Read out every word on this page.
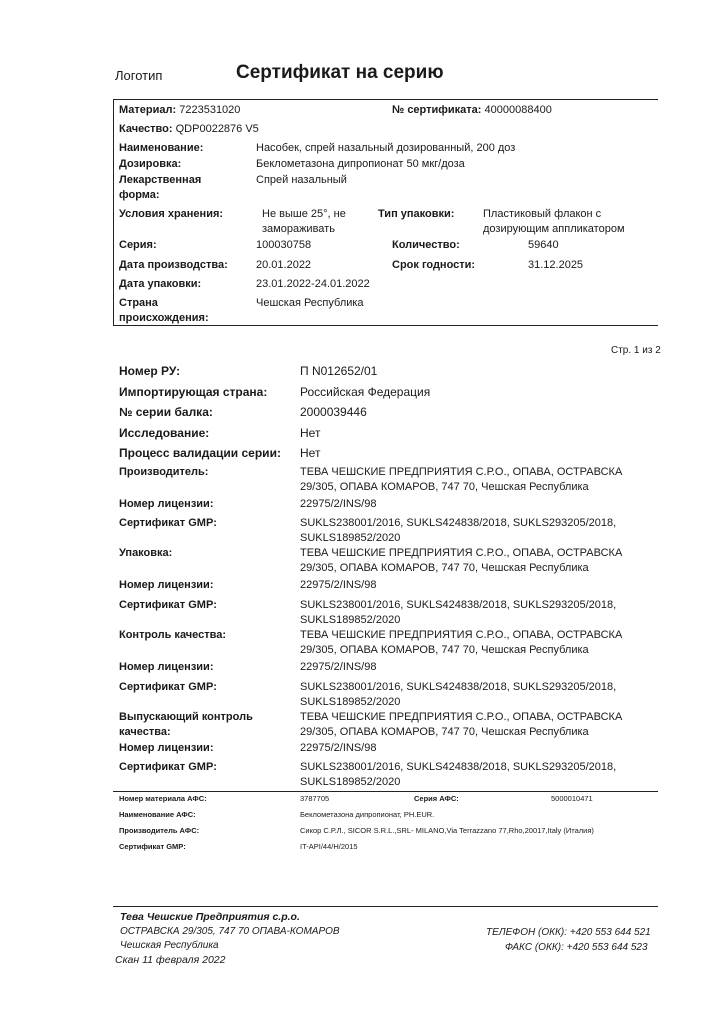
Логотип	Сертификат на серию
Материал: 7223531020	№ сертификата: 40000088400
Качество: QDP0022876 V5
Наименование:	Насобек, спрей назальный дозированный, 200 доз
Дозировка:	Беклометазона дипропионат 50 мкг/доза
Лекарственная
форма:
Спрей назальный
Условия хранения:	Не выше 25°, не
замораживать
Тип упаковки:	Пластиковый флакон с
дозирующим аппликатором
Серия:	100030758	Количество:	59640
Дата производства:	20.01.2022	Срок годности:	31.12.2025
Дата упаковки:	23.01.2022-24.01.2022
Страна
происхождения:
Чешская Республика
Стр. 1 из 2
Номер РУ:	П N012652/01
Импортирующая страна:	Российская Федерация
№ серии балка:	2000039446
Исследование:	Нет
Процесс валидации серии: Нет
Производитель:	ТЕВА ЧЕШСКИЕ ПРЕДПРИЯТИЯ С.Р.О., ОПАВА, ОСТРАВСКА
29/305, ОПАВА КОМАРОВ, 747 70, Чешская Республика
Номер лицензии:	22975/2/INS/98
Сертификат GMP:	SUKLS238001/2016, SUKLS424838/2018, SUKLS293205/2018,
SUKLS189852/2020
Упаковка:	ТЕВА ЧЕШСКИЕ ПРЕДПРИЯТИЯ С.Р.О., ОПАВА, ОСТРАВСКА
29/305, ОПАВА КОМАРОВ, 747 70, Чешская Республика
Номер лицензии:	22975/2/INS/98
Сертификат GMP:	SUKLS238001/2016, SUKLS424838/2018, SUKLS293205/2018,
SUKLS189852/2020
Контроль качества:	ТЕВА ЧЕШСКИЕ ПРЕДПРИЯТИЯ С.Р.О., ОПАВА, ОСТРАВСКА
29/305, ОПАВА КОМАРОВ, 747 70, Чешская Республика
Номер лицензии:	22975/2/INS/98
Сертификат GMP:	SUKLS238001/2016, SUKLS424838/2018, SUKLS293205/2018,
SUKLS189852/2020
Выпускающий контроль
качества:
ТЕВА ЧЕШСКИЕ ПРЕДПРИЯТИЯ С.Р.О., ОПАВА, ОСТРАВСКА
29/305, ОПАВА КОМАРОВ, 747 70, Чешская Республика
Номер лицензии:	22975/2/INS/98
Сертификат GMP:	SUKLS238001/2016, SUKLS424838/2018, SUKLS293205/2018,
SUKLS189852/2020
Номер материала АФС:	3787705	Серия АФС:	5000010471
Наименование АФС:	Беклометазона дипропионат, PH.EUR.
Производитель АФС:	Сикор С.Р.Л., SICOR S.R.L.,SRL- MILANO,Via Terrazzano 77,Rho,20017,Italy (Италия)
Сертификат GMP:	IT-API/44/H/2015
Тева Чешские Предприятия с.р.о.
ОСТРАВСКА 29/305, 747 70 ОПАВА-КОМАРОВ
Чешская Республика
Скан 11 февраля 2022
ТЕЛЕФОН (ОКК): +420 553 644 521
ФАКС (ОКК): +420 553 644 523
